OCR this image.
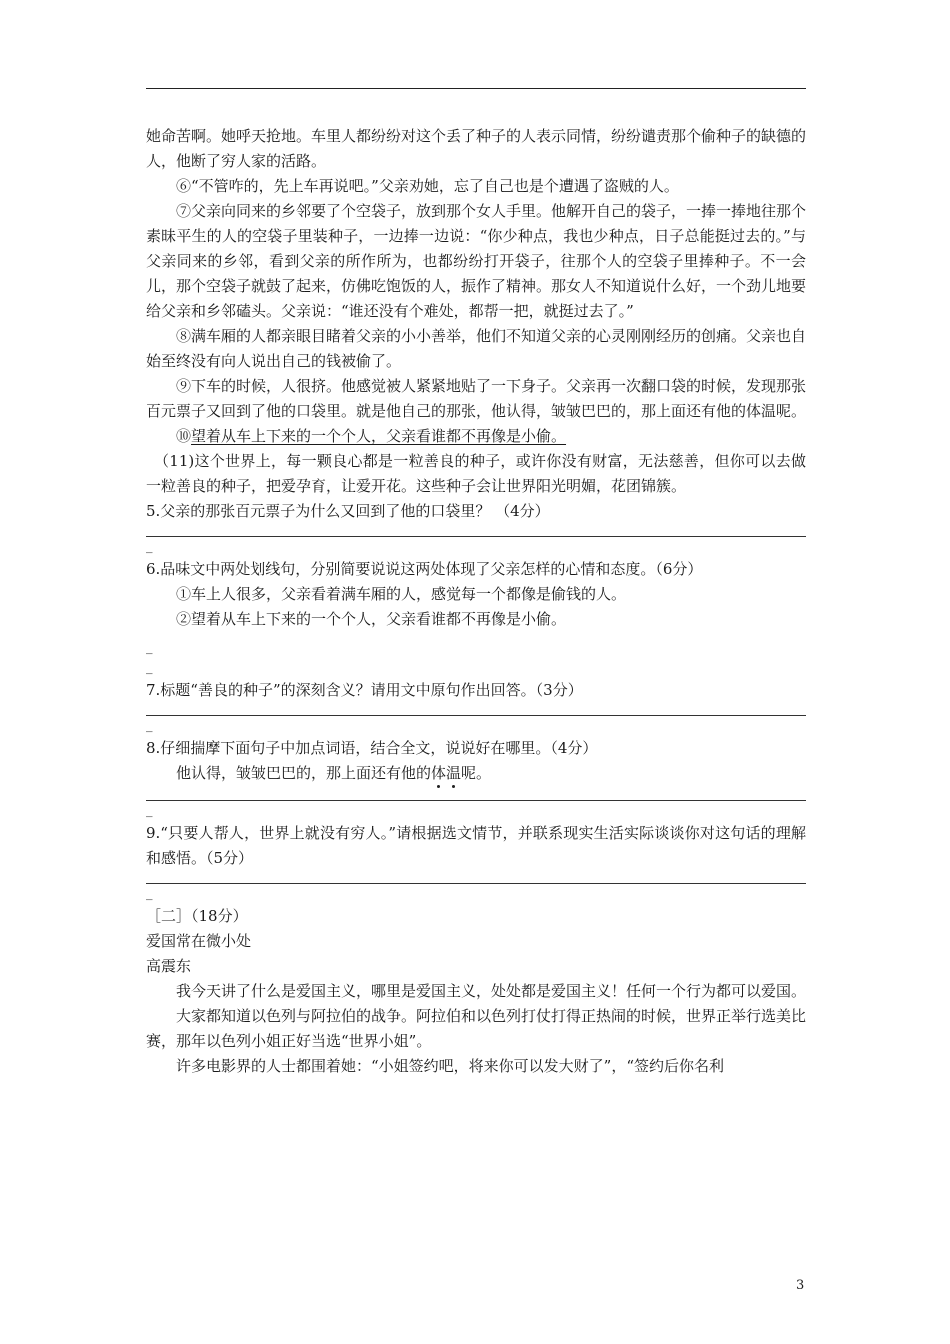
她命苦啊。她呼天抢地。车里人都纷纷对这个丢了种子的人表示同情，纷纷谴责那个偷种子的缺德的人，他断了穷人家的活路。

⑥“不管咋的，先上车再说吧。”父亲劝她，忘了自己也是个遭遇了盗贼的人。

⑦父亲向同来的乡邻要了个空袋子，放到那个女人手里。他解开自己的袋子，一捧一捧地往那个素昧平生的人的空袋子里装种子，一边捧一边说：“你少种点，我也少种点，日子总能挺过去的。”与父亲同来的乡邻，看到父亲的所作所为，也都纷纷打开袋子，往那个人的空袋子里捧种子。不一会儿，那个空袋子就鼓了起来，仿佛吃饱饭的人，振作了精神。那女人不知道说什么好，一个劲儿地要给父亲和乡邻磕头。父亲说：“谁还没有个难处，都帮一把，就挺过去了。”

⑧满车厢的人都亲眼目睹着父亲的小小善举，他们不知道父亲的心灵刚刚经历的创痛。父亲也自始至终没有向人说出自己的钱被偷了。

⑨下车的时候，人很挤。他感觉被人紧紧地贴了一下身子。父亲再一次翻口袋的时候，发现那张百元票子又回到了他的口袋里。就是他自己的那张，他认得，皱皱巴巴的，那上面还有他的体温呢。

⑩望着从车上下来的一个个人，父亲看谁都不再像是小偷。

（11)这个世界上，每一颗良心都是一粒善良的种子，或许你没有财富，无法慈善，但你可以去做一粒善良的种子，把爱孕育，让爱开花。这些种子会让世界阳光明媚，花团锦簇。

5.父亲的那张百元票子为什么又回到了他的口袋里？ （4分）

_

6.品味文中两处划线句，分别简要说说这两处体现了父亲怎样的心情和态度。（6分）

①车上人很多，父亲看着满车厢的人，感觉每一个都像是偷钱的人。

②望着从车上下来的一个个人，父亲看谁都不再像是小偷。

_

_

7.标题“善良的种子”的深刻含义？请用文中原句作出回答。（3分）

_

8.仔细揣摩下面句子中加点词语，结合全文，说说好在哪里。（4分）

他认得，皱皱巴巴的，那上面还有他的体温呢。

_

9.“只要人帮人，世界上就没有穷人。”请根据选文情节，并联系现实生活实际谈谈你对这句话的理解和感悟。（5分）

_

［二］（18分）

爱国常在微小处

高震东

我今天讲了什么是爱国主义，哪里是爱国主义，处处都是爱国主义！任何一个行为都可以爱国。

大家都知道以色列与阿拉伯的战争。阿拉伯和以色列打仗打得正热闹的时候，世界正举行选美比赛，那年以色列小姐正好当选“世界小姐”。

许多电影界的人士都围着她：“小姐签约吧，将来你可以发大财了”，“签约后你名利

3
